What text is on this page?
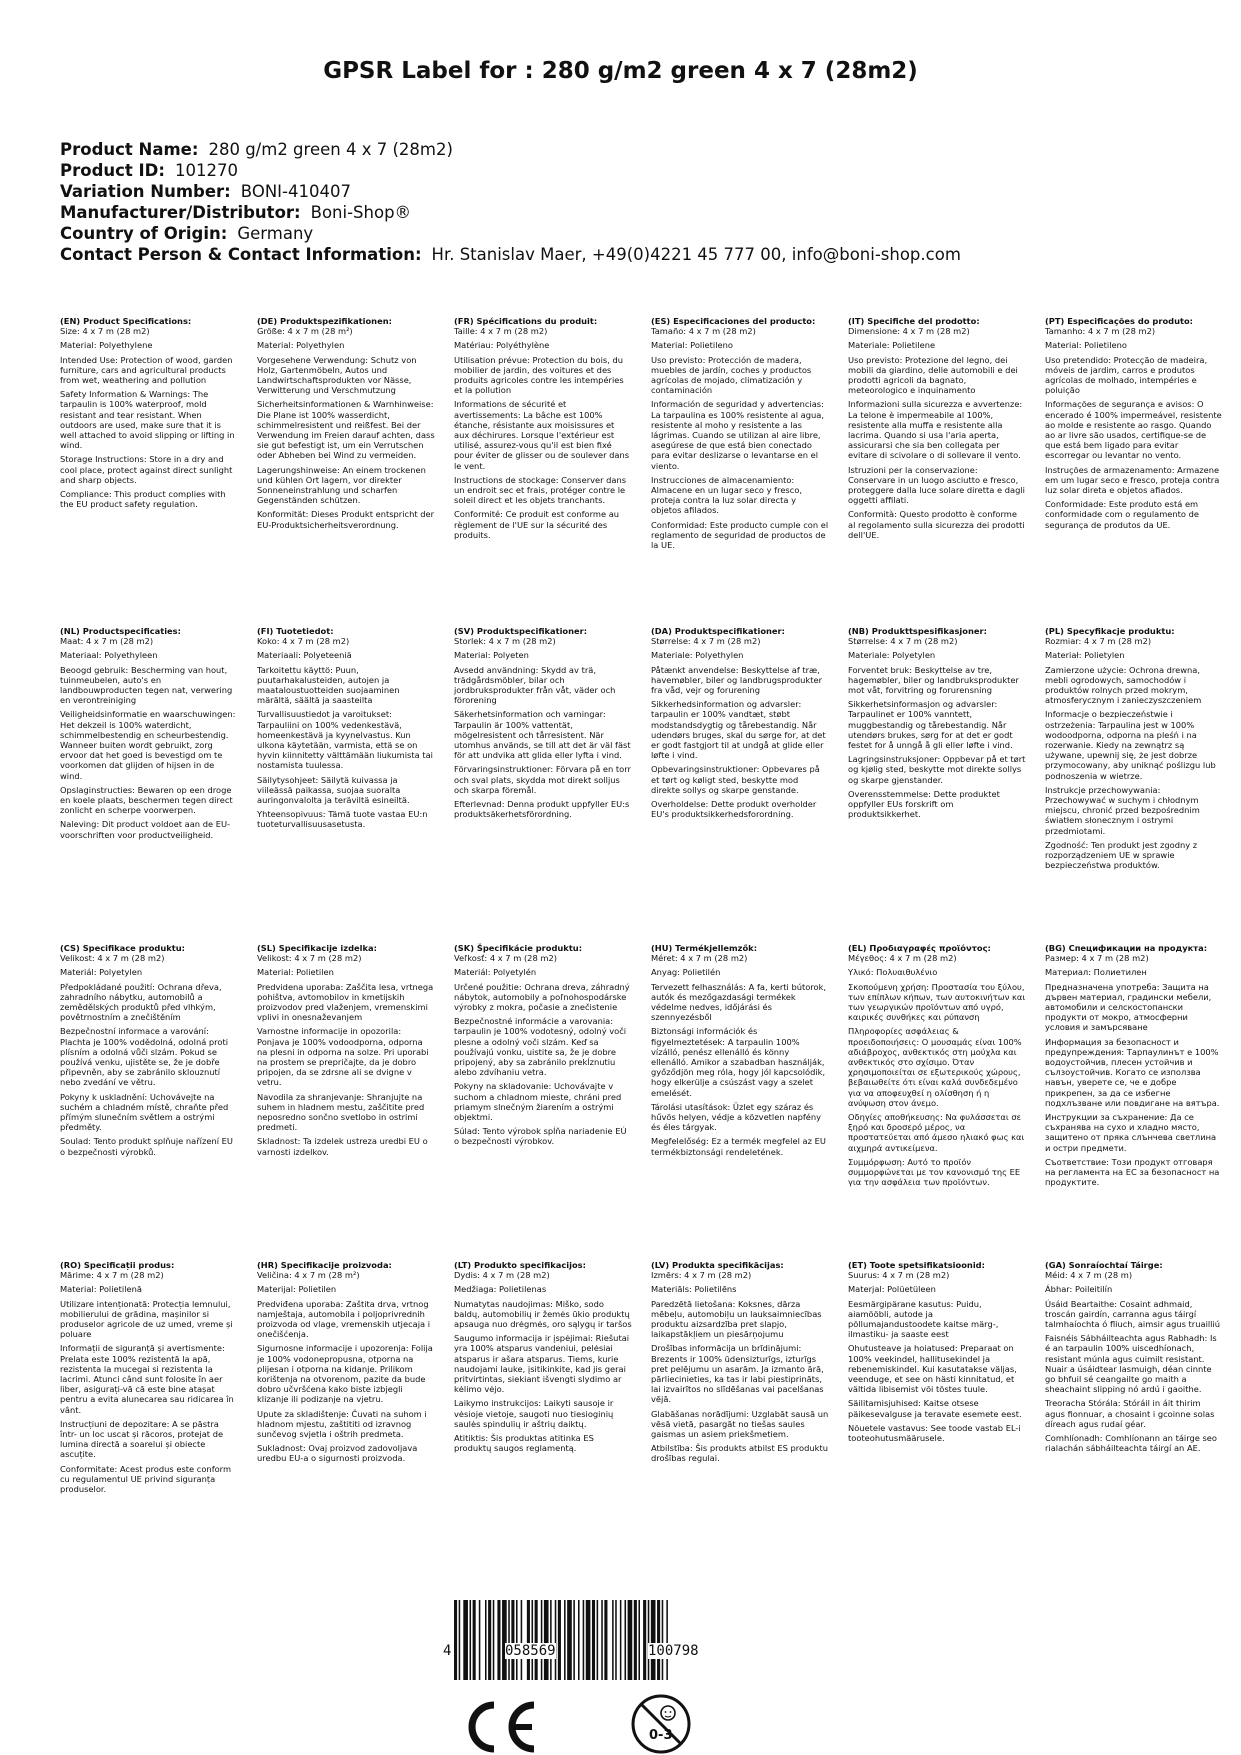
GPSR Label for : 280 g/m2 green 4 x 7 (28m2)
Product Name: 280 g/m2 green 4 x 7 (28m2)
Product ID: 101270
Variation Number: BONI-410407
Manufacturer/Distributor: Boni-Shop®
Country of Origin: Germany
Contact Person & Contact Information: Hr. Stanislav Maer, +49(0)4221 45 777 00, info@boni-shop.com
(EN) Product Specifications:

Size: 4 x 7 m (28 m2)

Material: Polyethylene

Intended Use: Protection of wood, garden furniture, cars and agricultural products from wet, weathering and pollution

Safety Information & Warnings: The tarpaulin is 100% waterproof, mold resistant and tear resistant. When outdoors are used, make sure that it is well attached to avoid slipping or lifting in wind.

Storage Instructions: Store in a dry and cool place, protect against direct sunlight and sharp objects.

Compliance: This product complies with the EU product safety regulation.

(DE) Produktspezifikationen:

Größe: 4 x 7 m (28 m²)

Material: Polyethylen

Vorgesehene Verwendung: Schutz von Holz, Gartenmöbeln, Autos und Landwirtschaftsprodukten vor Nässe, Verwitterung und Verschmutzung

Sicherheitsinformationen & Warnhinweise: Die Plane ist 100% wasserdicht, schimmelresistent und reißfest. Bei der Verwendung im Freien darauf achten, dass sie gut befestigt ist, um ein Verrutschen oder Abheben bei Wind zu vermeiden.

Lagerungshinweise: An einem trockenen und kühlen Ort lagern, vor direkter Sonneneinstrahlung und scharfen Gegenständen schützen.

Konformität: Dieses Produkt entspricht der EU-Produktsicherheitsverordnung.

(FR) Spécifications du produit:

Taille: 4 x 7 m (28 m2)

Matériau: Polyéthylène

Utilisation prévue: Protection du bois, du mobilier de jardin, des voitures et des produits agricoles contre les intempéries et la pollution

Informations de sécurité et avertissements: La bâche est 100% étanche, résistante aux moisissures et aux déchirures. Lorsque l'extérieur est utilisé, assurez-vous qu'il est bien fixé pour éviter de glisser ou de soulever dans le vent.

Instructions de stockage: Conserver dans un endroit sec et frais, protéger contre le soleil direct et les objets tranchants.

Conformité: Ce produit est conforme au règlement de l'UE sur la sécurité des produits.

(ES) Especificaciones del producto:

Tamaño: 4 x 7 m (28 m2)

Material: Polietileno

Uso previsto: Protección de madera, muebles de jardín, coches y productos agrícolas de mojado, climatización y contaminación

Información de seguridad y advertencias: La tarpaulina es 100% resistente al agua, resistente al moho y resistente a las lágrimas. Cuando se utilizan al aire libre, asegúrese de que está bien conectado para evitar deslizarse o levantarse en el viento.

Instrucciones de almacenamiento: Almacene en un lugar seco y fresco, proteja contra la luz solar directa y objetos afilados.

Conformidad: Este producto cumple con el reglamento de seguridad de productos de la UE.

(IT) Specifiche del prodotto:

Dimensione: 4 x 7 m (28 m2)

Materiale: Polietilene

Uso previsto: Protezione del legno, dei mobili da giardino, delle automobili e dei prodotti agricoli da bagnato, meteorologico e inquinamento

Informazioni sulla sicurezza e avvertenze: La telone è impermeabile al 100%, resistente alla muffa e resistente alla lacrima. Quando si usa l'aria aperta, assicurarsi che sia ben collegata per evitare di scivolare o di sollevare il vento.

Istruzioni per la conservazione: Conservare in un luogo asciutto e fresco, proteggere dalla luce solare diretta e dagli oggetti affilati.

Conformità: Questo prodotto è conforme al regolamento sulla sicurezza dei prodotti dell'UE.

(PT) Especificações do produto:

Tamanho: 4 x 7 m (28 m2)

Material: Polietileno

Uso pretendido: Protecção de madeira, móveis de jardim, carros e produtos agrícolas de molhado, intempéries e poluição

Informações de segurança e avisos: O encerado é 100% impermeável, resistente ao molde e resistente ao rasgo. Quando ao ar livre são usados, certifique-se de que está bem ligado para evitar escorregar ou levantar no vento.

Instruções de armazenamento: Armazene em um lugar seco e fresco, proteja contra luz solar direta e objetos afiados.

Conformidade: Este produto está em conformidade com o regulamento de segurança de produtos da UE.

(NL) Productspecificaties:

Maat: 4 x 7 m (28 m2)

Materiaal: Polyethyleen

Beoogd gebruik: Bescherming van hout, tuinmeubelen, auto's en landbouwproducten tegen nat, verwering en verontreiniging

Veiligheidsinformatie en waarschuwingen: Het dekzeil is 100% waterdicht, schimmelbestendig en scheurbestendig. Wanneer buiten wordt gebruikt, zorg ervoor dat het goed is bevestigd om te voorkomen dat glijden of hijsen in de wind.

Opslaginstructies: Bewaren op een droge en koele plaats, beschermen tegen direct zonlicht en scherpe voorwerpen.

Naleving: Dit product voldoet aan de EU-voorschriften voor productveiligheid.

(FI) Tuotetiedot:

Koko: 4 x 7 m (28 m2)

Materiaali: Polyeteeniä

Tarkoitettu käyttö: Puun, puutarhakalusteiden, autojen ja maataloustuotteiden suojaaminen märältä, säältä ja saasteilta

Turvallisuustiedot ja varoitukset: Tarpauliini on 100% vedenkestävä, homeenkestävä ja kyynelvastus. Kun ulkona käytetään, varmista, että se on hyvin kiinnitetty välttämään liukumista tai nostamista tuulessa.

Säilytysohjeet: Säilytä kuivassa ja viileässä paikassa, suojaa suoralta auringonvalolta ja teräviltä esineiltä.

Yhteensopivuus: Tämä tuote vastaa EU:n tuoteturvallisuusasetusta.

(SV) Produktspecifikationer:

Storlek: 4 x 7 m (28 m2)

Material: Polyeten

Avsedd användning: Skydd av trä, trädgårdsmöbler, bilar och jordbruksprodukter från våt, väder och förorening

Säkerhetsinformation och varningar: Tarpaulin är 100% vattentät, mögelresistent och tårresistent. När utomhus används, se till att det är väl fäst för att undvika att glida eller lyfta i vind.

Förvaringsinstruktioner: Förvara på en torr och sval plats, skydda mot direkt solljus och skarpa föremål.

Efterlevnad: Denna produkt uppfyller EU:s produktsäkerhetsförordning.

(DA) Produktspecifikationer:

Størrelse: 4 x 7 m (28 m2)

Materiale: Polyethylen

Påtænkt anvendelse: Beskyttelse af træ, havemøbler, biler og landbrugsprodukter fra våd, vejr og forurening

Sikkerhedsinformation og advarsler: tarpaulin er 100% vandtæt, støbt modstandsdygtig og tårebestandig. Når udendørs bruges, skal du sørge for, at det er godt fastgjort til at undgå at glide eller løfte i vind.

Opbevaringsinstruktioner: Opbevares på et tørt og køligt sted, beskytte mod direkte sollys og skarpe genstande.

Overholdelse: Dette produkt overholder EU's produktsikkerhedsforordning.

(NB) Produkttspesifikasjoner:

Størrelse: 4 x 7 m (28 m2)

Materiale: Polyetylen

Forventet bruk: Beskyttelse av tre, hagemøbler, biler og landbruksprodukter mot våt, forvitring og forurensning

Sikkerhetsinformasjon og advarsler: Tarpaulinet er 100% vanntett, muggbestandig og tårebestandig. Når utendørs brukes, sørg for at det er godt festet for å unngå å gli eller løfte i vind.

Lagringsinstruksjoner: Oppbevar på et tørt og kjølig sted, beskytte mot direkte sollys og skarpe gjenstander.

Overensstemmelse: Dette produktet oppfyller EUs forskrift om produktsikkerhet.

(PL) Specyfikacje produktu:

Rozmiar: 4 x 7 m (28 m2)

Materiał: Polietylen

Zamierzone użycie: Ochrona drewna, mebli ogrodowych, samochodów i produktów rolnych przed mokrym, atmosferycznym i zanieczyszczeniem

Informacje o bezpieczeństwie i ostrzeżenia: Tarpaulina jest w 100% wodoodporna, odporna na pleśń i na rozerwanie. Kiedy na zewnątrz są używane, upewnij się, że jest dobrze przymocowany, aby uniknąć poślizgu lub podnoszenia w wietrze.

Instrukcje przechowywania: Przechowywać w suchym i chłodnym miejscu, chronić przed bezpośrednim światłem słonecznym i ostrymi przedmiotami.

Zgodność: Ten produkt jest zgodny z rozporządzeniem UE w sprawie bezpieczeństwa produktów.

(CS) Specifikace produktu:

Velikost: 4 x 7 m (28 m2)

Materiál: Polyetylen

Předpokládané použití: Ochrana dřeva, zahradního nábytku, automobilů a zemědělských produktů před vlhkým, povětrnostním a znečištěním

Bezpečnostní informace a varování: Plachta je 100% vodědolná, odolná proti plísním a odolná vůči slzám. Pokud se používá venku, ujistěte se, že je dobře připevněn, aby se zabránilo sklouznutí nebo zvedání ve větru.

Pokyny k uskladnění: Uchovávejte na suchém a chladném místě, chraňte před přímým slunečním světlem a ostrými předměty.

Soulad: Tento produkt splňuje nařízení EU o bezpečnosti výrobků.

(SL) Specifikacije izdelka:

Velikost: 4 x 7 m (28 m2)

Material: Polietilen

Predvidena uporaba: Zaščita lesa, vrtnega pohištva, avtomobilov in kmetijskih proizvodov pred vlaženjem, vremenskimi vplivi in onesnaževanjem

Varnostne informacije in opozorila: Ponjava je 100% vodoodporna, odporna na plesni in odporna na solze. Pri uporabi na prostem se prepričajte, da je dobro pripojen, da se zdrsne ali se dvigne v vetru.

Navodila za shranjevanje: Shranjujte na suhem in hladnem mestu, zaščitite pred neposredno sončno svetlobo in ostrimi predmeti.

Skladnost: Ta izdelek ustreza uredbi EU o varnosti izdelkov.

(SK) Špecifikácie produktu:

Veľkosť: 4 x 7 m (28 m2)

Materiál: Polyetylén

Určené použitie: Ochrana dreva, záhradný nábytok, automobily a poľnohospodárske výrobky z mokra, počasie a znečistenie

Bezpečnostné informácie a varovania: tarpaulin je 100% vodotesný, odolný voči plesne a odolný voči slzám. Keď sa používajú vonku, uistite sa, že je dobre pripojený, aby sa zabránilo prekĺznutiu alebo zdvíhaniu vetra.

Pokyny na skladovanie: Uchovávajte v suchom a chladnom mieste, chráni pred priamym slnečným žiarením a ostrými objektmi.

Súlad: Tento výrobok spĺňa nariadenie EÚ o bezpečnosti výrobkov.

(HU) Termékjellemzők:

Méret: 4 x 7 m (28 m2)

Anyag: Polietilén

Tervezett felhasználás: A fa, kerti bútorok, autók és mezőgazdasági termékek védelme nedves, időjárási és szennyezésből

Biztonsági információk és figyelmeztetések: A tarpaulin 100% vízálló, penész ellenálló és könny ellenálló. Amikor a szabadban használják, győződjön meg róla, hogy jól kapcsolódik, hogy elkerülje a csúszást vagy a szelet emelését.

Tárolási utasítások: Üzlet egy száraz és hűvös helyen, védje a közvetlen napfény és éles tárgyak.

Megfelelőség: Ez a termék megfelel az EU termékbiztonsági rendeletének.

(EL) Προδιαγραφές προϊόντος:

Μέγεθος: 4 x 7 m (28 m2)

Υλικό: Πολυαιθυλένιο

Σκοπούμενη χρήση: Προστασία του ξύλου, των επίπλων κήπων, των αυτοκινήτων και των γεωργικών προϊόντων από υγρό, καιρικές συνθήκες και ρύπανση

Πληροφορίες ασφάλειας & προειδοποιήσεις: Ο μουσαμάς είναι 100% αδιάβροχος, ανθεκτικός στη μούχλα και ανθεκτικός στο σχίσιμο. Όταν χρησιμοποιείται σε εξωτερικούς χώρους, βεβαιωθείτε ότι είναι καλά συνδεδεμένο για να αποφευχθεί η ολίσθηση ή η ανύψωση στον άνεμο.

Οδηγίες αποθήκευσης: Να φυλάσσεται σε ξηρό και δροσερό μέρος, να προστατεύεται από άμεσο ηλιακό φως και αιχμηρά αντικείμενα.

Συμμόρφωση: Αυτό το προϊόν συμμορφώνεται με τον κανονισμό της ΕΕ για την ασφάλεια των προϊόντων.

(BG) Спецификации на продукта:

Размер: 4 x 7 m (28 m2)

Материал: Полиетилен

Предназначена употреба: Защита на дървен материал, градински мебели, автомобили и селскостопански продукти от мокро, атмосферни условия и замърсяване

Информация за безопасност и предупреждения: Тарпаулинът е 100% водоустойчив, плесен устойчив и сълзоустойчив. Когато се използва навън, уверете се, че е добре прикрепен, за да се избегне подхлъзване или повдигане на вятъра.

Инструкции за съхранение: Да се съхранява на сухо и хладно място, защитено от пряка слънчева светлина и остри предмети.

Съответствие: Този продукт отговаря на регламента на ЕС за безопасност на продуктите.

(RO) Specificații produs:

Mărime: 4 x 7 m (28 m2)

Material: Polietilenă

Utilizare intenționată: Protecția lemnului, mobilierului de grădina, mașinilor si produselor agricole de uz umed, vreme și poluare

Informații de siguranță și avertismente: Prelata este 100% rezistentă la apă, rezistenta la mucegai si rezistenta la lacrimi. Atunci când sunt folosite în aer liber, asigurați-vă că este bine atașat pentru a evita alunecarea sau ridicarea în vânt.

Instrucțiuni de depozitare: A se păstra într- un loc uscat și răcoros, protejat de lumina directă a soarelui și obiecte ascuțite.

Conformitate: Acest produs este conform cu regulamentul UE privind siguranța produselor.

(HR) Specifikacije proizvoda:

Veličina: 4 x 7 m (28 m²)

Materijal: Polietilen

Predviđena uporaba: Zaštita drva, vrtnog namještaja, automobila i poljoprivrednih proizvoda od vlage, vremenskih utjecaja i onečišćenja.

Sigurnosne informacije i upozorenja: Folija je 100% vodonepropusna, otporna na plijesan i otporna na kidanje. Prilikom korištenja na otvorenom, pazite da bude dobro učvršćena kako biste izbjegli klizanje ili podizanje na vjetru.

Upute za skladištenje: Čuvati na suhom i hladnom mjestu, zaštititi od izravnog sunčevog svjetla i oštrih predmeta.

Sukladnost: Ovaj proizvod zadovoljava uredbu EU-a o sigurnosti proizvoda.

(LT) Produkto specifikacijos:

Dydis: 4 x 7 m (28 m2)

Medžiaga: Polietilenas

Numatytas naudojimas: Miško, sodo baldų, automobilių ir žemės ūkio produktų apsauga nuo drėgmės, oro sąlygų ir taršos

Saugumo informacija ir įspėjimai: Riešutai yra 100% atsparus vandeniui, pelėsiai atsparus ir ašara atsparus. Tiems, kurie naudojami lauke, įsitikinkite, kad jis gerai pritvirtintas, siekiant išvengti slydimo ar kėlimo vėjo.

Laikymo instrukcijos: Laikyti sausoje ir vėsioje vietoje, saugoti nuo tiesioginių saulės spindulių ir aštrių daiktų.

Atitiktis: Šis produktas atitinka ES produktų saugos reglamentą.

(LV) Produkta specifikācijas:

Izmērs: 4 x 7 m (28 m2)

Materiāls: Polietilēns

Paredzētā lietošana: Koksnes, dārza mēbeļu, automobiļu un lauksaimniecības produktu aizsardzība pret slapjo, laikapstākļiem un piesārņojumu

Drošības informācija un brīdinājumi: Brezents ir 100% ūdensizturīgs, izturīgs pret pelējumu un asarām. Ja izmanto ārā, pārliecinieties, ka tas ir labi piestiprināts, lai izvairītos no slīdēšanas vai pacelšanas vējā.

Glabāšanas norādījumi: Uzglabāt sausā un vēsā vietā, pasargāt no tiešas saules gaismas un asiem priekšmetiem.

Atbilstība: Šis produkts atbilst ES produktu drošības regulai.

(ET) Toote spetsifikatsioonid:

Suurus: 4 x 7 m (28 m2)

Materjal: Polüetüleen

Eesmärgipärane kasutus: Puidu, aiamööbli, autode ja põllumajandustoodete kaitse märg-, ilmastiku- ja saaste eest

Ohutusteave ja hoiatused: Preparaat on 100% veekindel, hallitusekindel ja rebenemiskindel. Kui kasutatakse väljas, veenduge, et see on hästi kinnitatud, et vältida libisemist või tõstes tuule.

Säilitamisjuhised: Kaitse otsese päikesevalguse ja teravate esemete eest.

Nõuetele vastavus: See toode vastab EL-i tooteohutusmäärusele.

(GA) Sonraíochtaí Táirge:

Méid: 4 x 7 m (28 m)

Ábhar: Poileitilín

Úsáid Beartaithe: Cosaint adhmaid, troscán gairdín, carranna agus táirgí talmhaíochta ó fliuch, aimsir agus truailliú

Faisnéis Sábháilteachta agus Rabhadh: Is é an tarpaulin 100% uiscedhíonach, resistant múnla agus cuimilt resistant. Nuair a úsáidtear lasmuigh, déan cinnte go bhfuil sé ceangailte go maith a sheachaint slipping nó ardú i gaoithe.

Treoracha Stórála: Stóráil in áit thirim agus fionnuar, a chosaint i gcoinne solas díreach agus rudaí géar.

Comhlíonadh: Comhlíonann an táirge seo rialachán sábháilteachta táirgí an AE.

4	058569	100798
0-3
